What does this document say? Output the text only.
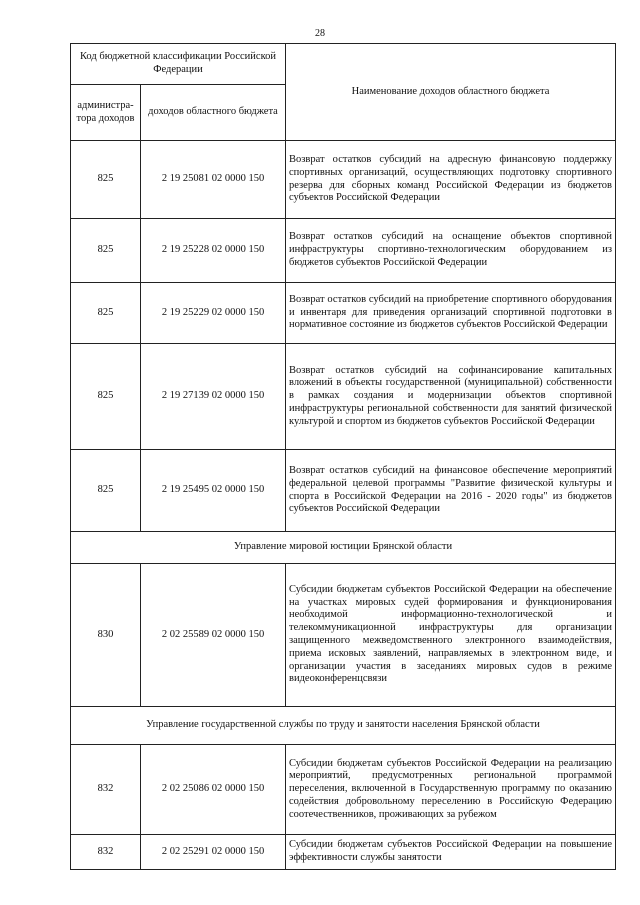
28
Код бюджетной классификации Российской Федерации		Наименование доходов областного бюджета
администра-тора доходов	доходов областного бюджета	
825	2 19 25081 02 0000 150	Возврат остатков субсидий на адресную финансовую поддержку спортивных организаций, осуществляющих подготовку спортивного резерва для сборных команд Российской Федерации из бюджетов субъектов Российской Федерации
825	2 19 25228 02 0000 150	Возврат остатков субсидий на оснащение объектов спортивной инфраструктуры спортивно-технологическим оборудованием из бюджетов субъектов Российской Федерации
825	2 19 25229 02 0000 150	Возврат остатков субсидий на приобретение спортивного оборудования и инвентаря для приведения организаций спортивной подготовки в нормативное состояние из бюджетов субъектов Российской Федерации
825	2 19 27139 02 0000 150	Возврат остатков субсидий на софинансирование капитальных вложений в объекты государственной (муниципальной) собственности в рамках создания и модернизации объектов спортивной инфраструктуры региональной собственности для занятий физической культурой и спортом из бюджетов субъектов Российской Федерации
825	2 19 25495 02 0000 150	Возврат остатков субсидий на финансовое обеспечение мероприятий федеральной целевой программы "Развитие физической культуры и спорта в Российской Федерации на 2016 - 2020 годы" из бюджетов субъектов Российской Федерации
Управление мировой юстиции Брянской области		
830	2 02 25589 02 0000 150	Субсидии бюджетам субъектов Российской Федерации на обеспечение на участках мировых судей формирования и функционирования необходимой информационно-технологической и телекоммуникационной инфраструктуры для организации защищенного межведомственного электронного взаимодействия, приема исковых заявлений, направляемых в электронном виде, и организации участия в заседаниях мировых судов в режиме видеоконференцсвязи
Управление государственной службы по труду и занятости населения Брянской области		
832	2 02 25086 02 0000 150	Субсидии бюджетам субъектов Российской Федерации на реализацию мероприятий, предусмотренных региональной программой переселения, включенной в Государственную программу по оказанию содействия добровольному переселению в Российскую Федерацию соотечественников, проживающих за рубежом
832	2 02 25291 02 0000 150	Субсидии бюджетам субъектов Российской Федерации на повышение эффективности службы занятости
